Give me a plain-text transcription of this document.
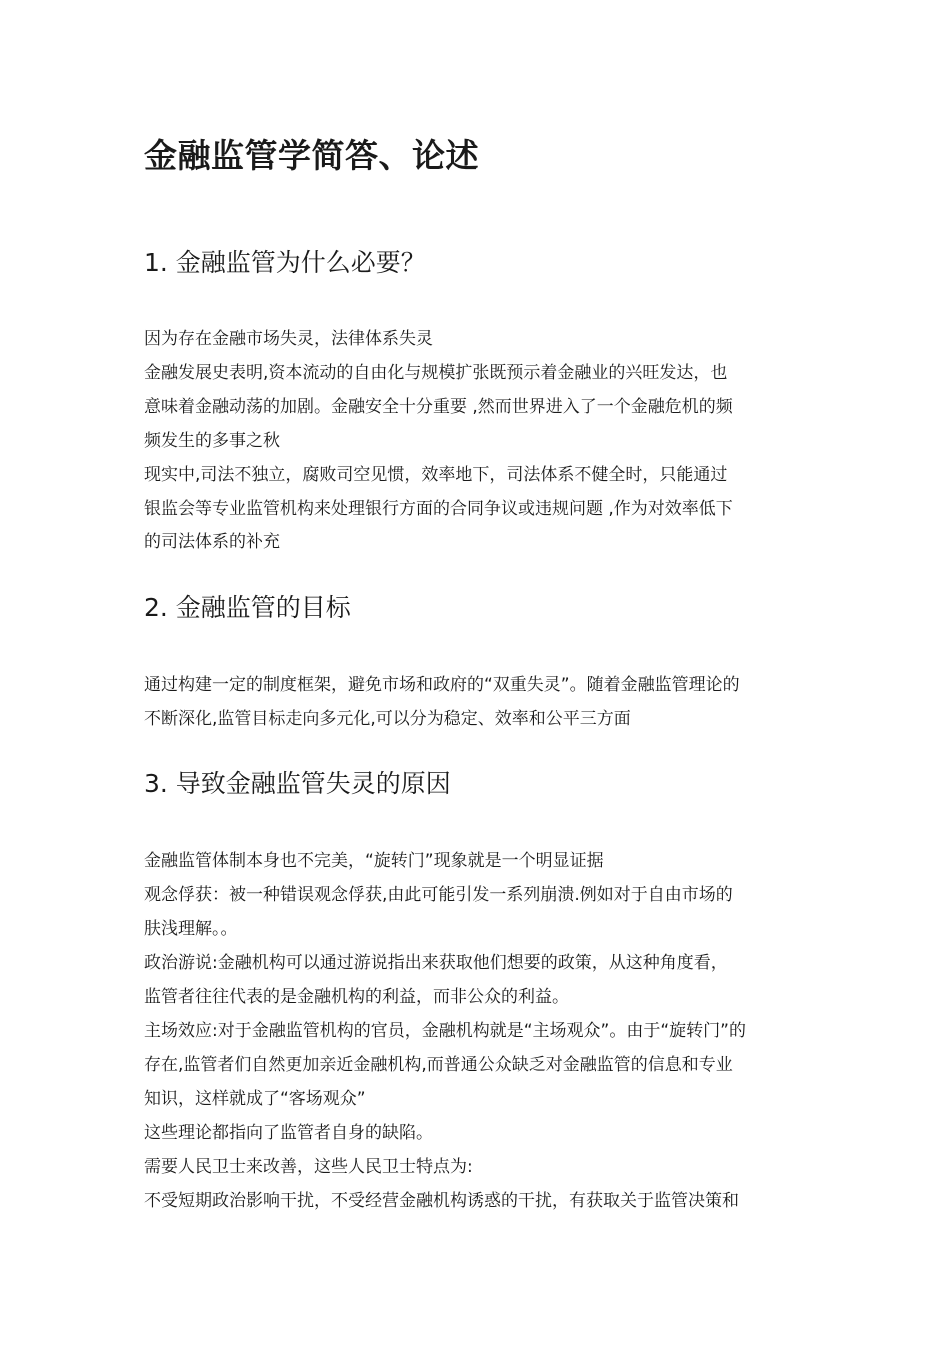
金融监管学简答、论述
1. 金融监管为什么必要？

因为存在金融市场失灵，法律体系失灵

金融发展史表明,资本流动的自由化与规模扩张既预示着金融业的兴旺发达，也

意味着金融动荡的加剧。金融安全十分重要 ,然而世界进入了一个金融危机的频

频发生的多事之秋

现实中,司法不独立，腐败司空见惯，效率地下，司法体系不健全时，只能通过

银监会等专业监管机构来处理银行方面的合同争议或违规问题 ,作为对效率低下

的司法体系的补充

2. 金融监管的目标

通过构建一定的制度框架，避免市场和政府的“双重失灵”。随着金融监管理论的

不断深化,监管目标走向多元化,可以分为稳定、效率和公平三方面

3. 导致金融监管失灵的原因

金融监管体制本身也不完美，“旋转门”现象就是一个明显证据

观念俘获：被一种错误观念俘获,由此可能引发一系列崩溃.例如对于自由市场的

肤浅理解。。

政治游说:金融机构可以通过游说指出来获取他们想要的政策，从这种角度看，

监管者往往代表的是金融机构的利益，而非公众的利益。

主场效应:对于金融监管机构的官员，金融机构就是“主场观众”。由于“旋转门”的

存在,监管者们自然更加亲近金融机构,而普通公众缺乏对金融监管的信息和专业

知识，这样就成了“客场观众”

这些理论都指向了监管者自身的缺陷。

需要人民卫士来改善，这些人民卫士特点为:

不受短期政治影响干扰，不受经营金融机构诱惑的干扰，有获取关于监管决策和
